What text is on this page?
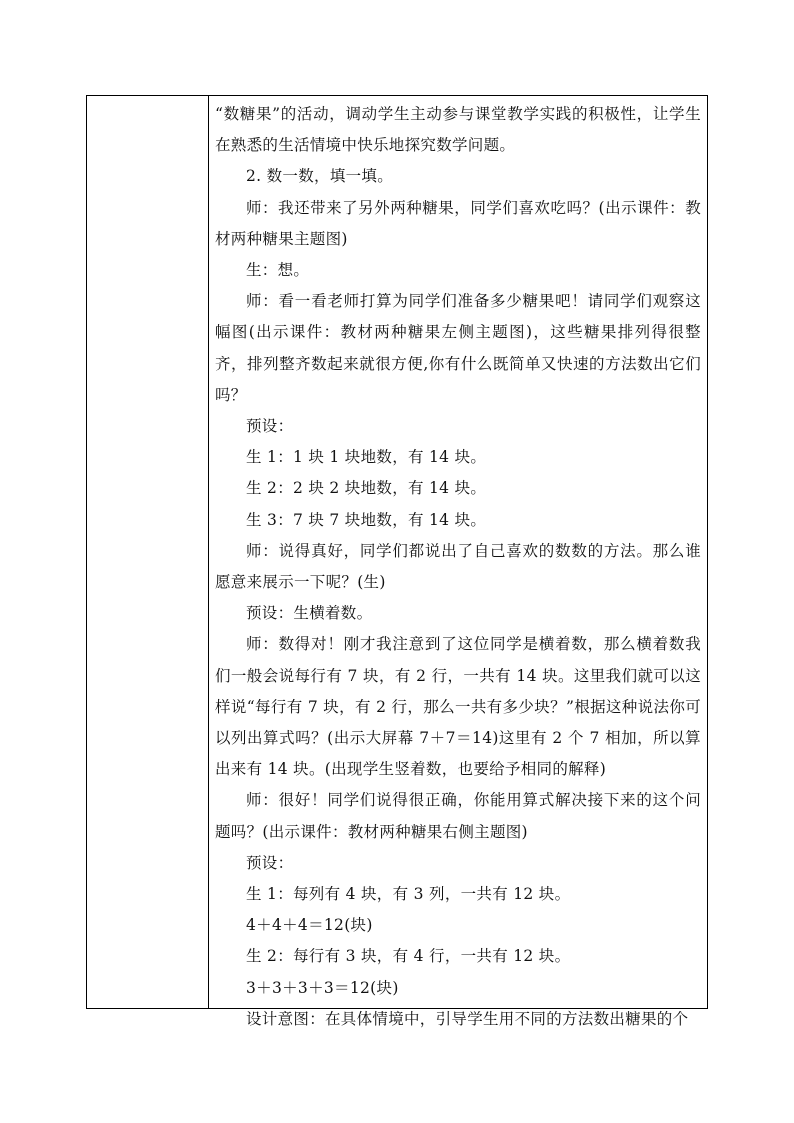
“数糖果”的活动，调动学生主动参与课堂教学实践的积极性，让学生在熟悉的生活情境中快乐地探究数学问题。

2. 数一数，填一填。

师：我还带来了另外两种糖果，同学们喜欢吃吗？(出示课件：教材两种糖果主题图)

生：想。

师：看一看老师打算为同学们准备多少糖果吧！请同学们观察这幅图(出示课件：教材两种糖果左侧主题图)，这些糖果排列得很整齐，排列整齐数起来就很方便,你有什么既简单又快速的方法数出它们吗？

预设：

生 1：1 块 1 块地数，有 14 块。

生 2：2 块 2 块地数，有 14 块。

生 3：7 块 7 块地数，有 14 块。

师：说得真好，同学们都说出了自己喜欢的数数的方法。那么谁愿意来展示一下呢？(生)

预设：生横着数。

师：数得对！刚才我注意到了这位同学是横着数，那么横着数我们一般会说每行有 7 块，有 2 行，一共有 14 块。这里我们就可以这样说“每行有 7 块，有 2 行，那么一共有多少块？”根据这种说法你可以列出算式吗？(出示大屏幕 7＋7＝14)这里有 2 个 7 相加，所以算出来有 14 块。(出现学生竖着数，也要给予相同的解释)

师：很好！同学们说得很正确，你能用算式解决接下来的这个问题吗？(出示课件：教材两种糖果右侧主题图)

预设：

生 1：每列有 4 块，有 3 列，一共有 12 块。

4＋4＋4＝12(块)

生 2：每行有 3 块，有 4 行，一共有 12 块。

3＋3＋3＋3＝12(块)

设计意图：在具体情境中，引导学生用不同的方法数出糖果的个
